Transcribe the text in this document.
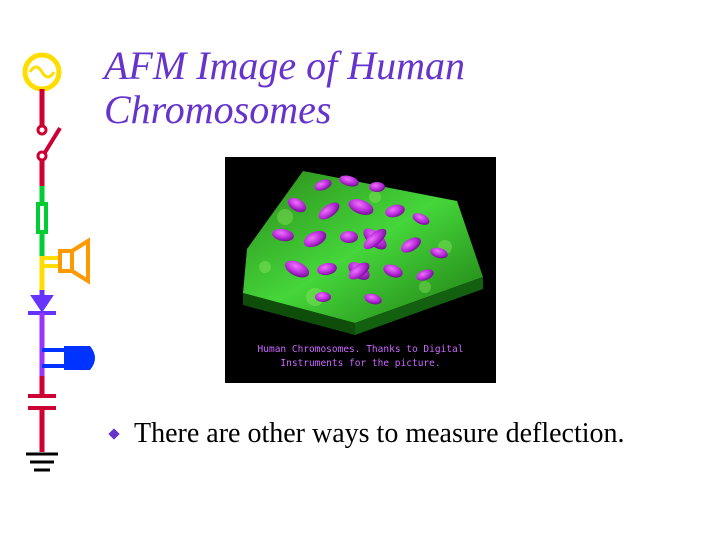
AFM Image of Human
Chromosomes
Human Chromosomes. Thanks to Digital
Instruments for the picture.
There are other ways to measure deflection.
